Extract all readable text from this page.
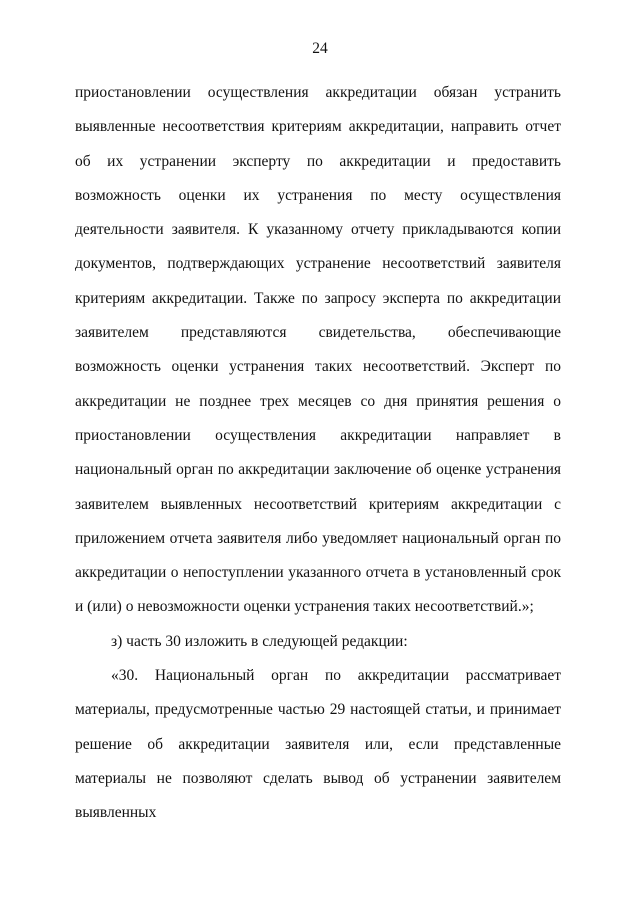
24

приостановлении осуществления аккредитации обязан устранить выявленные несоответствия критериям аккредитации, направить отчет об их устранении эксперту по аккредитации и предоставить возможность оценки их устранения по месту осуществления деятельности заявителя. К указанному отчету прикладываются копии документов, подтверждающих устранение несоответствий заявителя критериям аккредитации. Также по запросу эксперта по аккредитации заявителем представляются свидетельства, обеспечивающие возможность оценки устранения таких несоответствий. Эксперт по аккредитации не позднее трех месяцев со дня принятия решения о приостановлении осуществления аккредитации направляет в национальный орган по аккредитации заключение об оценке устранения заявителем выявленных несоответствий критериям аккредитации с приложением отчета заявителя либо уведомляет национальный орган по аккредитации о непоступлении указанного отчета в установленный срок и (или) о невозможности оценки устранения таких несоответствий.»;

з) часть 30 изложить в следующей редакции:

«30. Национальный орган по аккредитации рассматривает материалы, предусмотренные частью 29 настоящей статьи, и принимает решение об аккредитации заявителя или, если представленные материалы не позволяют сделать вывод об устранении заявителем выявленных
